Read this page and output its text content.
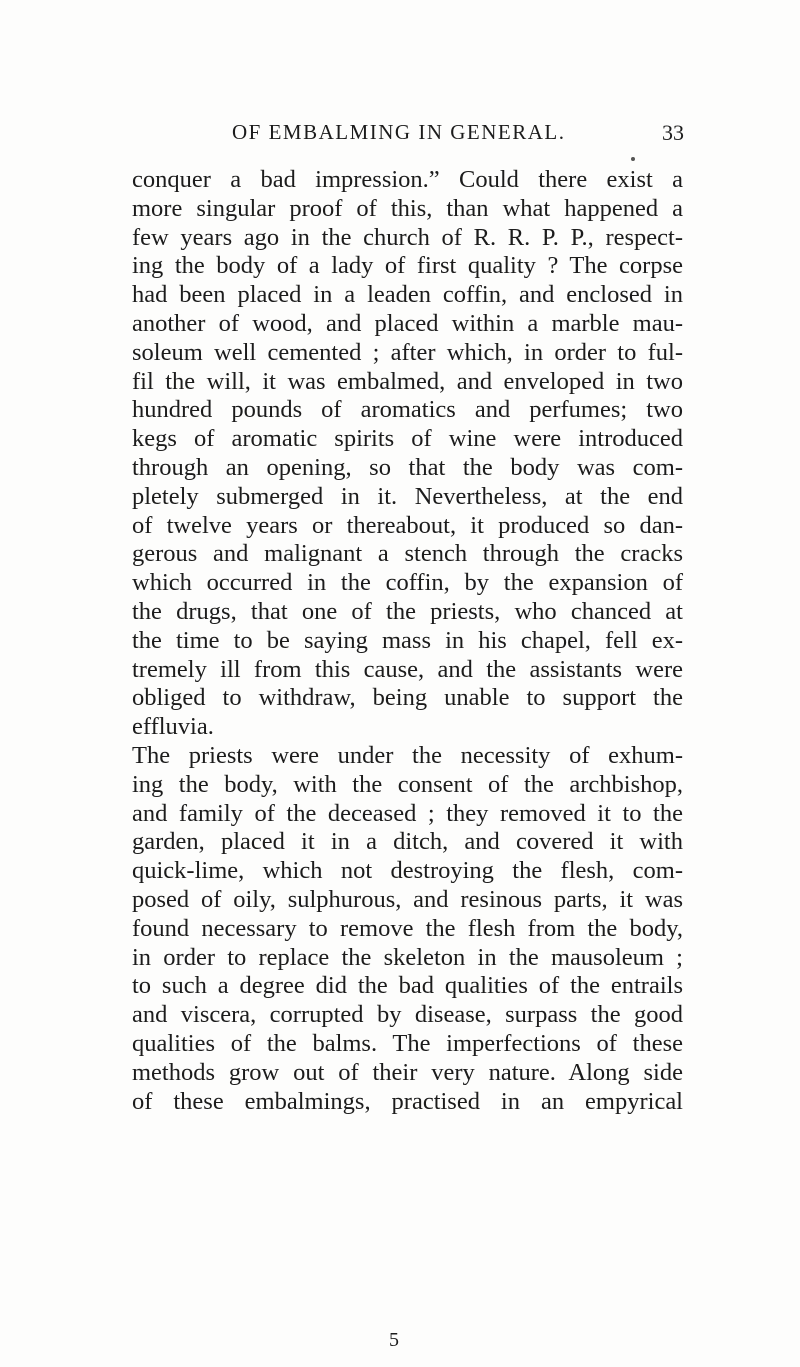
OF EMBALMING IN GENERAL.	33
conquer a bad impression.” Could there exist a
more singular proof of this, than what happened a
few years ago in the church of R. R. P. P., respect-
ing the body of a lady of first quality ? The corpse
had been placed in a leaden coffin, and enclosed in
another of wood, and placed within a marble mau-
soleum well cemented ; after which, in order to ful-
fil the will, it was embalmed, and enveloped in two
hundred pounds of aromatics and perfumes; two
kegs of aromatic spirits of wine were introduced
through an opening, so that the body was com-
pletely submerged in it. Nevertheless, at the end
of twelve years or thereabout, it produced so dan-
gerous and malignant a stench through the cracks
which occurred in the coffin, by the expansion of
the drugs, that one of the priests, who chanced at
the time to be saying mass in his chapel, fell ex-
tremely ill from this cause, and the assistants were
obliged to withdraw, being unable to support the
effluvia.
The priests were under the necessity of exhum-
ing the body, with the consent of the archbishop,
and family of the deceased ; they removed it to the
garden, placed it in a ditch, and covered it with
quick-lime, which not destroying the flesh, com-
posed of oily, sulphurous, and resinous parts, it was
found necessary to remove the flesh from the body,
in order to replace the skeleton in the mausoleum ;
to such a degree did the bad qualities of the entrails
and viscera, corrupted by disease, surpass the good
qualities of the balms. The imperfections of these
methods grow out of their very nature. Along side
of these embalmings, practised in an empyrical
5
